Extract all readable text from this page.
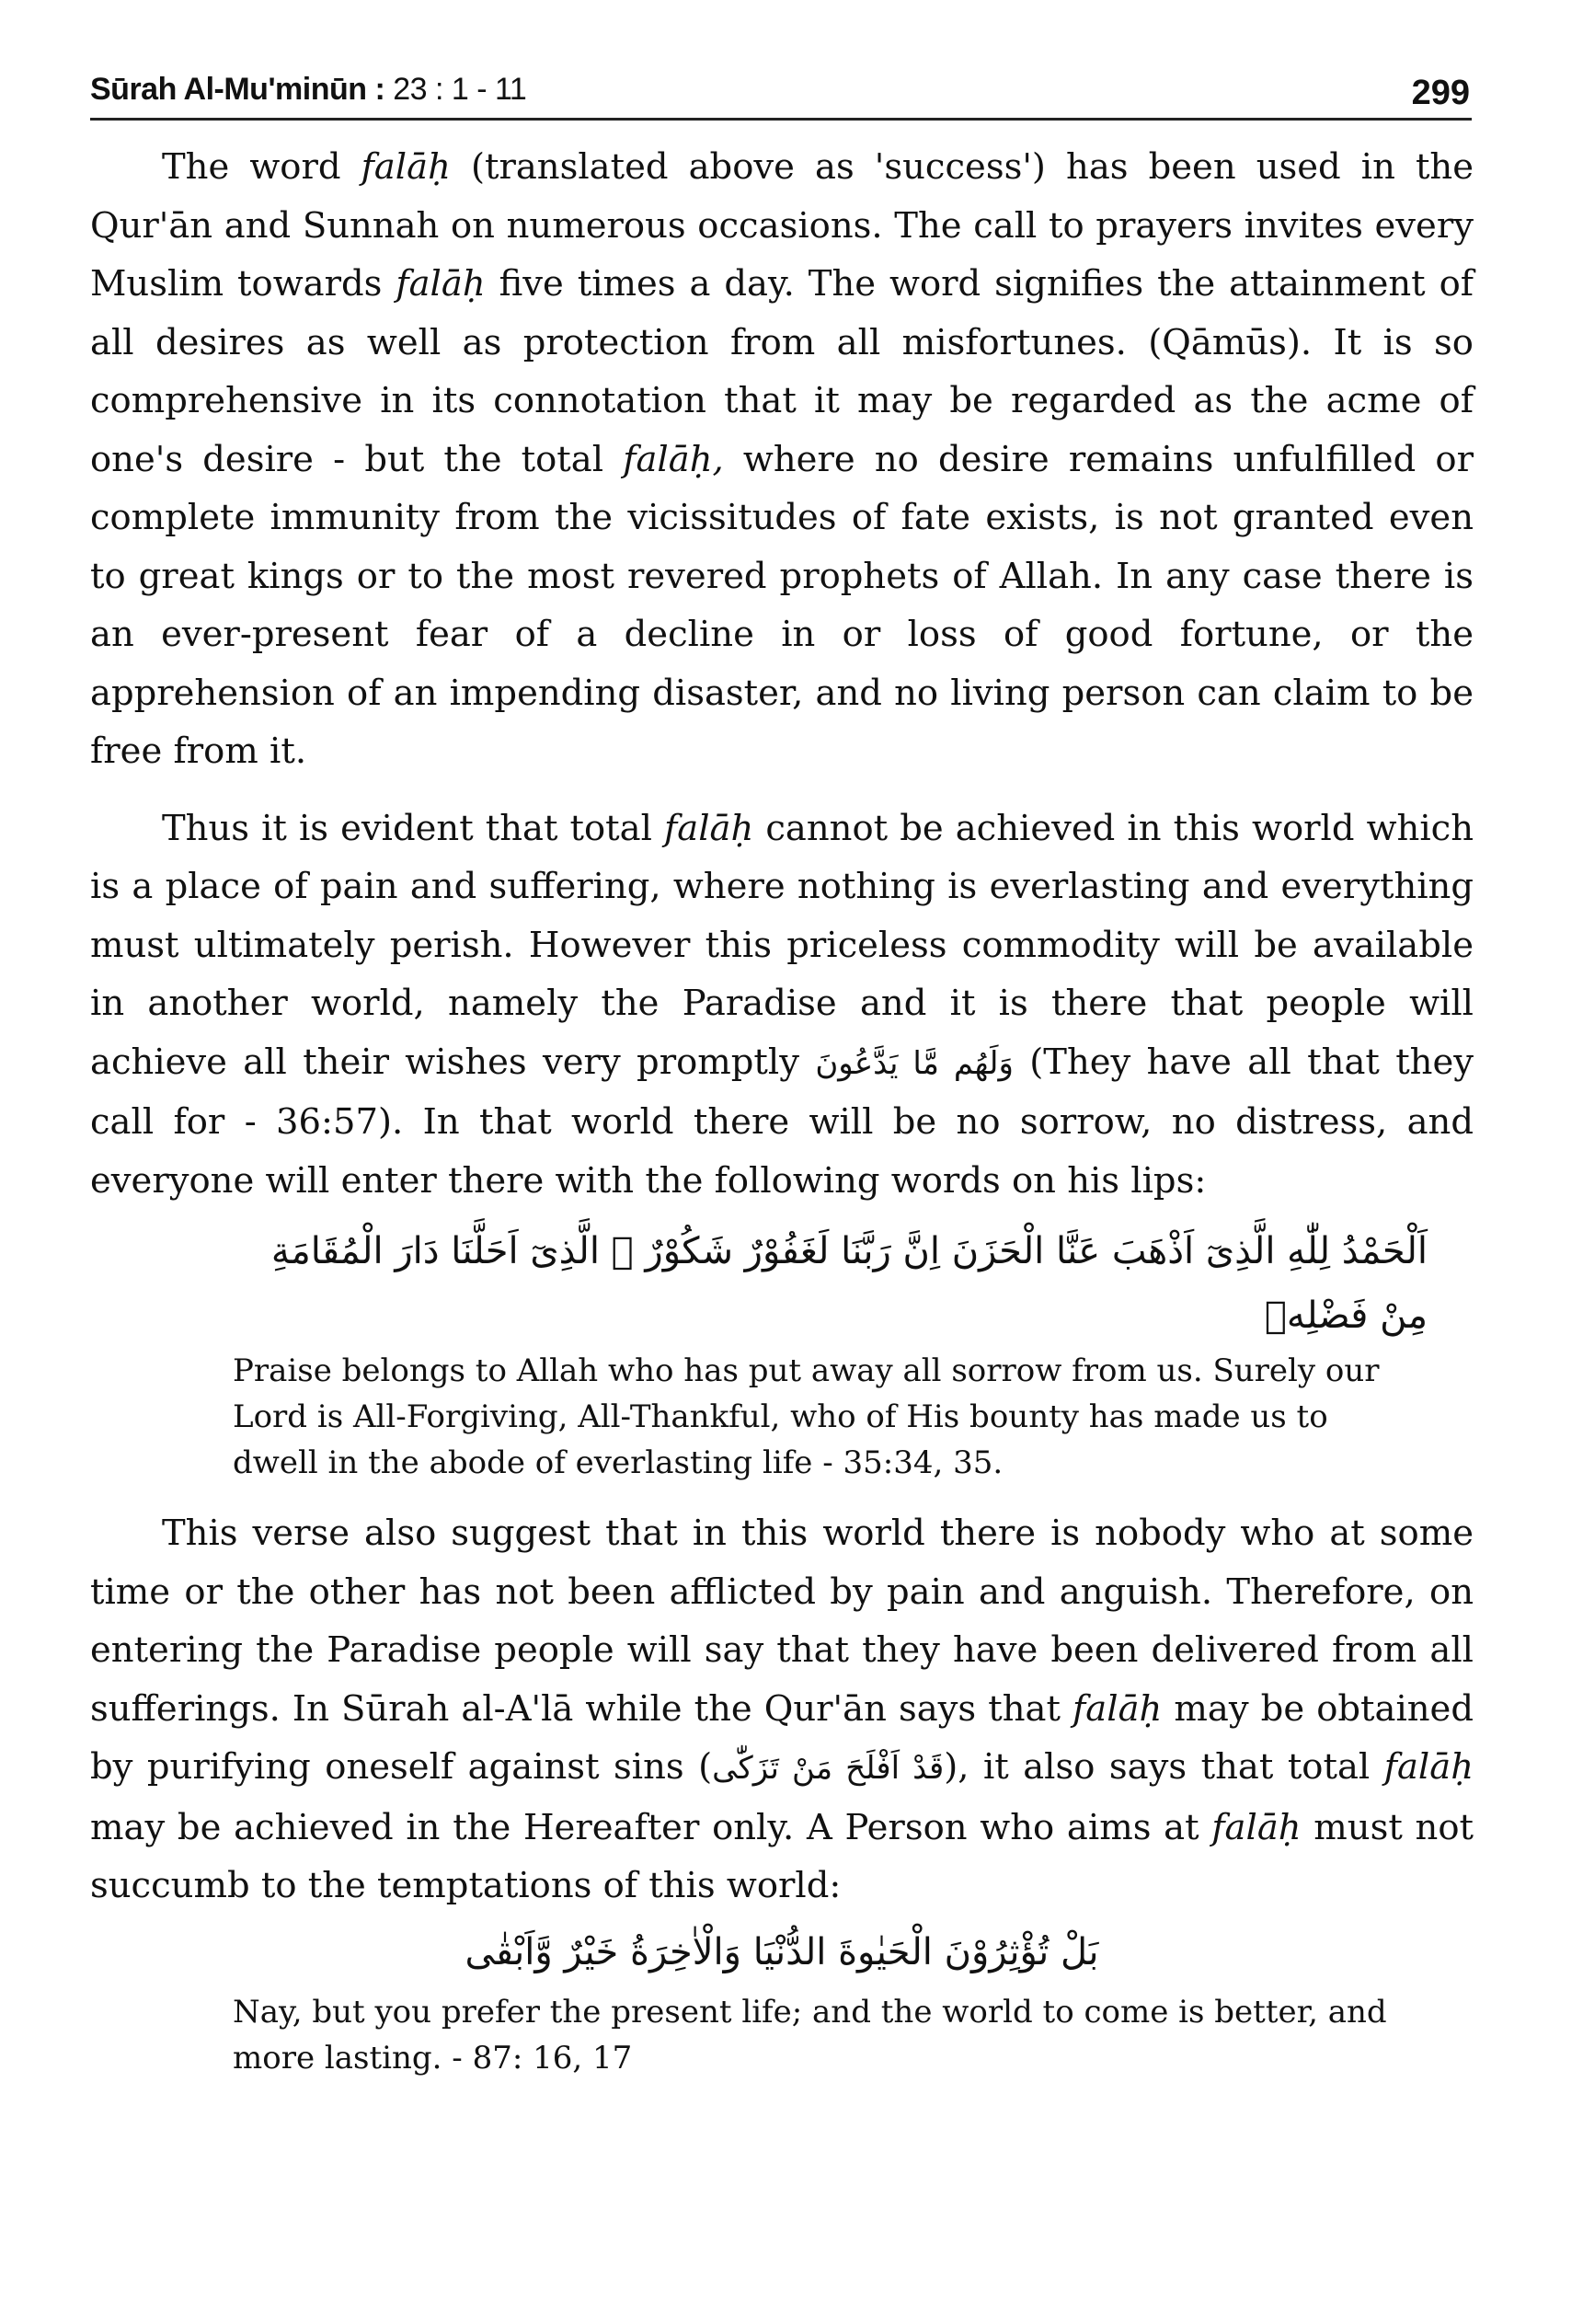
Sūrah Al-Mu'minūn : 23 : 1 - 11	299

The word falāḥ (translated above as 'success') has been used in the Qur'ān and Sunnah on numerous occasions. The call to prayers invites every Muslim towards falāḥ five times a day. The word signifies the attainment of all desires as well as protection from all misfortunes. (Qāmūs). It is so comprehensive in its connotation that it may be regarded as the acme of one's desire - but the total falāḥ, where no desire remains unfulfilled or complete immunity from the vicissitudes of fate exists, is not granted even to great kings or to the most revered prophets of Allah. In any case there is an ever-present fear of a decline in or loss of good fortune, or the apprehension of an impending disaster, and no living person can claim to be free from it.

Thus it is evident that total falāḥ cannot be achieved in this world which is a place of pain and suffering, where nothing is everlasting and everything must ultimately perish. However this priceless commodity will be available in another world, namely the Paradise and it is there that people will achieve all their wishes very promptly وَلَهُم مَّا يَدَّعُونَ (They have all that they call for - 36:57). In that world there will be no sorrow, no distress, and everyone will enter there with the following words on his lips:

اَلْحَمْدُ لِلّٰهِ الَّذِىٓ اَذْهَبَ عَنَّا الْحَزَنَ اِنَّ رَبَّنَا لَغَفُوْرٌ شَكُوْرٌ ۙ الَّذِىٓ اَحَلَّنَا دَارَ الْمُقَامَةِ مِنْ فَضْلِهٖ

Praise belongs to Allah who has put away all sorrow from us. Surely our Lord is All-Forgiving, All-Thankful, who of His bounty has made us to dwell in the abode of everlasting life - 35:34, 35.

This verse also suggest that in this world there is nobody who at some time or the other has not been afflicted by pain and anguish. Therefore, on entering the Paradise people will say that they have been delivered from all sufferings. In Sūrah al-A'lā while the Qur'ān says that falāḥ may be obtained by purifying oneself against sins (قَدْ اَفْلَحَ مَنْ تَزَكّٰى), it also says that total falāḥ may be achieved in the Hereafter only. A Person who aims at falāḥ must not succumb to the temptations of this world:

بَلْ تُؤْثِرُوْنَ الْحَيٰوةَ الدُّنْيَا وَالْاٰخِرَةُ خَيْرٌ وَّاَبْقٰى

Nay, but you prefer the present life; and the world to come is better, and more lasting. - 87: 16, 17
